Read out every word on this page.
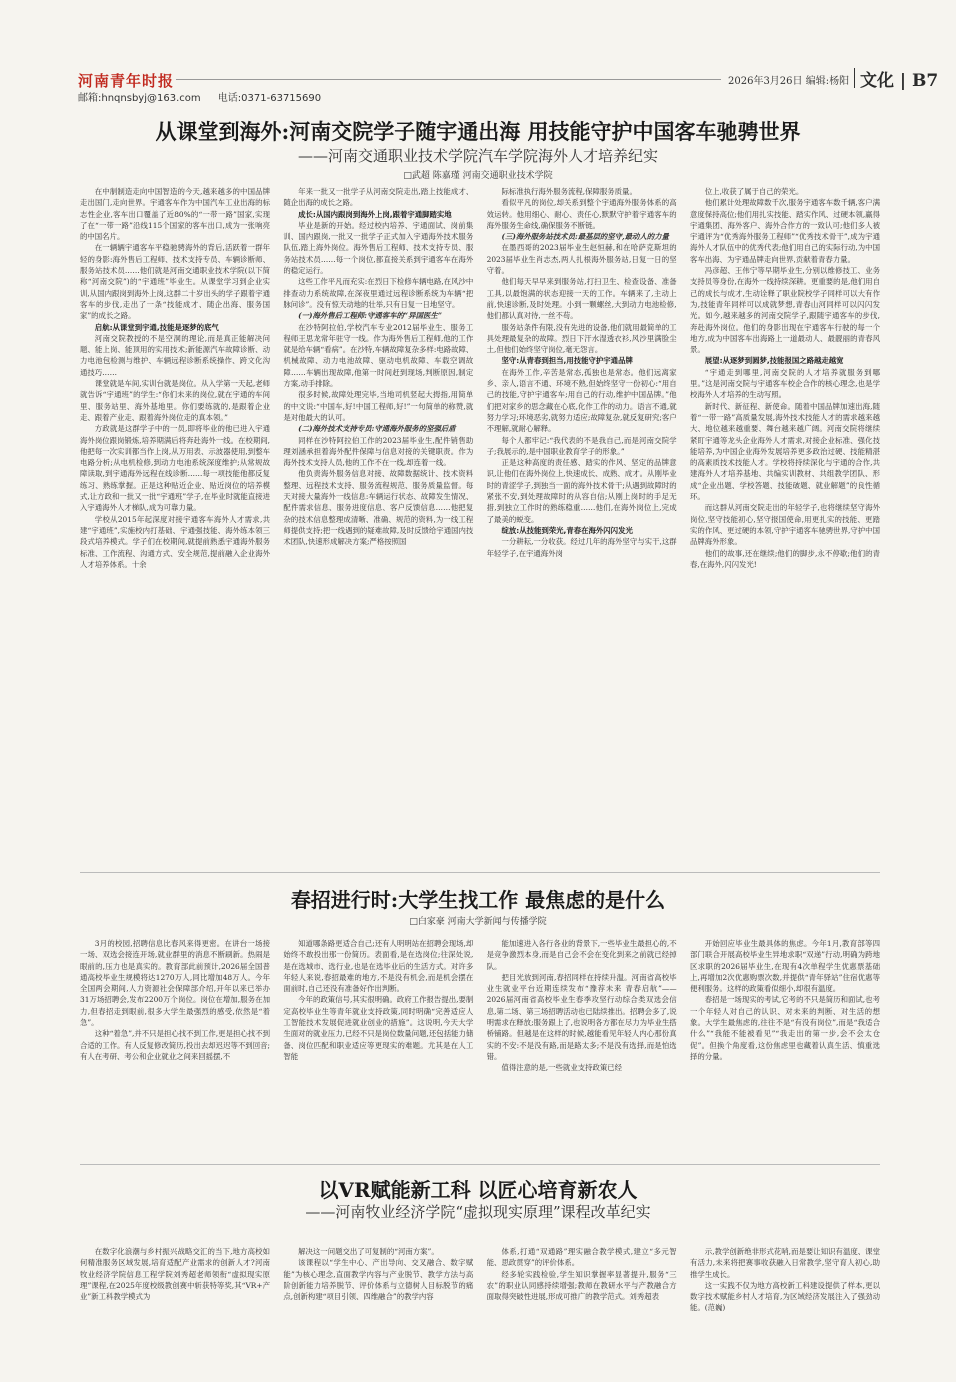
河南青年时报	2026年3月26日 编辑:杨阳 文化 | B7
邮箱:hnqnsbyj@163.com 电话:0371-63715690
从课堂到海外:河南交院学子随宇通出海 用技能守护中国客车驰骋世界
——河南交通职业技术学院汽车学院海外人才培养纪实
□武超 陈嘉瑾 河南交通职业技术学院

在中制制造走向中国智造的今天,越来越多的中国品牌走出国门,走向世界。宇通客车作为中国汽车工业出海的标志性企业,客车出口覆盖了近80%的“一带一路”国家,实现了在“一带一路”沿线115个国家的客车出口,成为一张响亮的中国名片。

在一辆辆宇通客车平稳驰骋海外的背后,活跃着一群年轻的身影:海外售后工程师、技术支持专员、车辆诊断师、服务站技术员……他们就是河南交通职业技术学院(以下简称“河南交院”)的“宇通班”毕业生。从课堂学习到企业实训,从国内跟岗到海外上岗,这群二十岁出头的学子跟着宇通客车的步伐,走出了一条“技能成才、随企出海、服务国家”的成长之路。

启航:从课堂到宇通,技能是逐梦的底气

河南交院教授的不是空洞的理论,而是真正能解决问题、能上岗、能顶用的实用技术;新能源汽车故障诊断、动力电池包检测与维护、车辆远程诊断系统操作、跨文化沟通技巧……

课堂就是车间,实训台就是岗位。从入学第一天起,老师就告诉“宇通班”的学生:“你们未来的岗位,就在宇通的车间里、服务站里、海外基地里。你们要练就的,是跟着企业走、跟着产业走、跟着海外岗位走的真本领。”

方政就是这群学子中的一员,即将毕业的他已进入宇通海外岗位跟岗锻炼,培养期满后将奔赴海外一线。在校期间,他把每一次实训都当作上岗,从万用表、示波器使用,到整车电路分析;从电机检修,到动力电池系统深度维护;从常规故障读取,到宇通海外远程在线诊断……每一项技能他都反复练习、熟练掌握。正是这种贴近企业、贴近岗位的培养模式,让方政和一批又一批“宇通班”学子,在毕业时就能直接进入宇通海外人才梯队,成为可靠力量。

学校从2015年起深度对接宇通客车海外人才需求,共建“宇通班”,实施校内打基础、宇通强技能、海外练本领三段式培养模式。学子们在校期间,就提前熟悉宇通海外服务标准、工作流程、沟通方式、安全规范,提前融入企业海外人才培养体系。十余

年来一批又一批学子从河南交院走出,踏上技能成才、随企出海的成长之路。

成长:从国内跟岗到海外上岗,跟着宇通脚踏实地

毕业是新的开始。经过校内培养、宇通面试、岗前集训、国内跟岗,一批又一批学子正式加入宇通海外技术服务队伍,踏上海外岗位。海外售后工程师、技术支持专员、服务站技术员……每一个岗位,都直接关系到宇通客车在海外的稳定运行。

这些工作平凡而充实:在烈日下检修车辆电路,在风沙中排查动力系统故障,在深夜里通过远程诊断系统为车辆“把脉问诊”。没有惊天动地的壮举,只有日复一日地坚守。

(一)海外售后工程师:守通客车的“异国医生”

在沙特阿拉伯,学校汽车专业2012届毕业生、服务工程师王思龙常年驻守一线。作为海外售后工程师,他的工作就是给车辆“看病”。在沙特,车辆故障复杂多样:电路故障、机械故障、动力电池故障、驱动电机故障、车载空调故障……车辆出现故障,他第一时间赶到现场,判断原因,制定方案,动手排除。

很多时候,故障处理完毕,当地司机竖起大拇指,用简单的中文说:“中国车,好!中国工程师,好!”一句简单的称赞,就是对他最大的认可。

(二)海外技术支持专员:守通海外服务的坚强后盾

同样在沙特阿拉伯工作的2023届毕业生,配件销售助理刘涵承担着海外配件保障与信息对接的关键职责。作为海外技术支持人员,他的工作不在一线,却连着一线。

他负责海外服务信息对接、故障数据统计、技术资料整理、远程技术支持、服务流程规范、服务质量监督。每天对接大量海外一线信息:车辆运行状态、故障发生情况、配件需求信息、服务进度信息、客户反馈信息……他把复杂的技术信息整理成清晰、准确、规范的资料,为一线工程师提供支持;把一线遇到的疑难故障,及时反馈给宇通国内技术团队,快速形成解决方案;严格按照国

际标准执行海外服务流程,保障服务质量。

看似平凡的岗位,却关系到整个宇通海外服务体系的高效运转。他用细心、耐心、责任心,默默守护着宇通客车的海外服务生命线,确保服务不断链。

(三)海外服务站技术员:最基层的坚守,最动人的力量

在墨西哥的2023届毕业生赵恒赫,和在哈萨克斯坦的2023届毕业生肖志杰,两人扎根海外服务站,日复一日的坚守着。

他们每天早早来到服务站,打扫卫生、检查设备、准备工具,以最饱满的状态迎接一天的工作。车辆来了,主动上前,快速诊断,及时处理。小到一颗螺丝,大到动力电池检修,他们都认真对待,一丝不苟。

服务站条件有限,没有先进的设备,他们就用最简单的工具处理最复杂的故障。烈日下汗水湿透衣衫,风沙里满脸尘土,但他们始终坚守岗位,毫无怨言。

坚守:从青春到担当,用技能守护宇通品牌

在海外工作,辛苦是常态,孤独也是常态。他们远离家乡、亲人,语言不通、环境不熟,但始终坚守一份初心:“用自己的技能,守护宇通客车;用自己的行动,维护中国品牌。”他们把对家乡的思念藏在心底,化作工作的动力。语言不通,就努力学习;环境恶劣,就努力适应;故障复杂,就反复研究;客户不理解,就耐心解释。

每个人都牢记:“我代表的不是我自己,而是河南交院学子;我展示的,是中国职业教育学子的形象。”

正是这种高度的责任感、踏实的作风、坚定的品牌意识,让他们在海外岗位上,快速成长、成熟、成才。从刚毕业时的青涩学子,到独当一面的海外技术骨干;从遇到故障时的紧张不安,到处理故障时的从容自信;从刚上岗时的手足无措,到独立工作时的熟练稳重……他们,在海外岗位上,完成了最美的蜕变。

绽放:从技能到荣光,青春在海外闪闪发光

一分耕耘,一分收获。经过几年的海外坚守与实干,这群年轻学子,在宇通海外岗

位上,收获了属于自己的荣光。

他们累计处理故障数千次,服务宇通客车数千辆,客户满意度保持高位;他们用扎实技能、踏实作风、过硬本领,赢得宇通集团、海外客户、海外合作方的一致认可;他们多人被宇通评为“优秀海外服务工程师”“优秀技术骨干”,成为宇通海外人才队伍中的优秀代表;他们用自己的实际行动,为中国客车出海、为宇通品牌走向世界,贡献着青春力量。

冯彦超、王伟宁等早期毕业生,分别以维修技工、业务支持员等身份,在海外一线持续深耕。更重要的是,他们用自己的成长与成才,生动诠释了职业院校学子同样可以大有作为,技能青年同样可以成就梦想,青春山河同样可以闪闪发光。如今,越来越多的河南交院学子,跟随宇通客车的步伐,奔赴海外岗位。他们的身影出现在宇通客车行驶的每一个地方,成为中国客车出海路上一道最动人、最靓丽的青春风景。

展望:从逐梦到圆梦,技能报国之路越走越宽

“宇通走到哪里,河南交院的人才培养就服务到哪里。”这是河南交院与宇通客车校企合作的核心理念,也是学校海外人才培养的生动写照。

新时代、新征程、新使命。随着中国品牌加速出海,随着“一带一路”高质量发展,海外技术技能人才的需求越来越大、地位越来越重要、舞台越来越广阔。河南交院将继续紧盯宇通等龙头企业海外人才需求,对接企业标准、强化技能培养,为中国企业海外发展培养更多政治过硬、技能精湛的高素质技术技能人才。学校将持续深化与宇通的合作,共建海外人才培养基地、共编实训教材、共组教学团队、形成“企业出题、学校答题、技能破题、就业解题”的良性循环。

而这群从河南交院走出的年轻学子,也将继续坚守海外岗位,坚守技能初心,坚守报国使命,用更扎实的技能、更踏实的作风、更过硬的本领,守护宇通客车驰骋世界,守护中国品牌海外形象。

他们的故事,还在继续;他们的脚步,永不停歇;他们的青春,在海外,闪闪发光!

春招进行时:大学生找工作 最焦虑的是什么
□白家豪 河南大学新闻与传播学院

3月的校园,招聘信息比春风来得更密。在讲台一场接一场、双选会接连开场,就业群里的消息不断刷新。热闹是眼前的,压力也是真实的。教育部此前预计,2026届全国普通高校毕业生规模将达1270万人,同比增加48万人。今年全国两会期间,人力资源社会保障部介绍,开年以来已举办31万场招聘会,发布2200万个岗位。岗位在增加,服务在加力,但春招走到眼前,很多大学生最强烈的感受,依然是“着急”。

这种“着急”,并不只是担心找不到工作,更是担心找不到合适的工作。有人反复修改简历,投出去却迟迟等不到回音;有人在考研、考公和企业就业之间来回摇摆,不

知道哪条路更适合自己;还有人明明站在招聘会现场,却始终不敢投出那一份简历。表面看,是在选岗位;往深处说,是在选城市、选行业,也是在选毕业后的生活方式。对许多年轻人来说,春招最难的地方,不是没有机会,而是机会摆在面前时,自己还没有准备好作出判断。

今年的政策信号,其实很明确。政府工作报告提出,要制定高校毕业生等青年就业支持政策,同时明确“完善适应人工智能技术发展促进就业创业的措施”。这说明,今天大学生面对的就业压力,已经不只是岗位数量问题,还包括能力储备、岗位匹配和职业适应等更现实的难题。尤其是在人工智能

能加速进入各行各业的背景下,一些毕业生最担心的,不是竞争激烈本身,而是自己会不会在变化到来之前就已经掉队。

把目光放到河南,春招同样在持续升温。河南省高校毕业生就业平台近期连续发布“豫荐未来 青春启航”——2026届河南省高校毕业生春季攻坚行动综合类双选会信息,第二场、第三场招聘活动也已陆续推出。招聘会多了,说明需求在释放;服务跟上了,也说明各方都在尽力为毕业生搭桥铺路。但越是在这样的时候,越能看见年轻人内心那份真实的不安:不是没有路,而是路太多;不是没有选择,而是怕选错。

值得注意的是,一些就业支持政策已经

开始回应毕业生最具体的焦虑。今年1月,教育部等四部门联合开展高校毕业生异地求职“双递”行动,明确为跨地区求职的2026届毕业生,在现有4次单程学生优惠票基础上,再增加2次优惠购票次数,并提供“青年驿站”住宿优惠等便利服务。这样的政策看似细小,却很有温度。

春招是一场现实的考试,它考的不只是简历和面试,也考一个年轻人对自己的认识、对未来的判断、对生活的想象。大学生最焦虑的,往往不是“有没有岗位”,而是“我适合什么”“我能不能被看见”“我走出的第一步,会不会太仓促”。但换个角度看,这份焦虑里也藏着认真生活、慎重选择的分量。

以VR赋能新工科 以匠心培育新农人
——河南牧业经济学院“虚拟现实原理”课程改革纪实

在数字化浪潮与乡村振兴战略交汇的当下,地方高校如何精准服务区域发展,培育适配产业需求的创新人才?河南牧业经济学院信息工程学院刘秀超老师领衔“虚拟现实原理”课程,在2025年度校级教创赛中斩获特等奖,其“VR+产业”新工科教学模式为

解决这一问题交出了可复制的“河南方案”。

该课程以“学生中心、产出导向、交叉融合、数字赋能”为核心理念,直面教学内容与产业脱节、教学方法与高阶创新能力培养脱节、评价体系与立德树人目标脱节的痛点,创新构建“项目引领、四维融合”的教学内容

体系,打通“双通路”理实融合教学模式,建立“多元智能、思政贯穿”的评价体系。

经多轮实践检验,学生知识掌握率显著提升,服务“三农”的职业认同感持续增强;教师在教研水平与产教融合方面取得突破性进展,形成可推广的教学范式。刘秀超表

示,教学创新绝非形式花哨,而是要让知识有温度、课堂有活力,未来将把赛事收获融入日常教学,坚守育人初心,助推学生成长。

这一实践不仅为地方高校新工科建设提供了样本,更以数字技术赋能乡村人才培育,为区域经济发展注入了强劲动能。(范巍)
